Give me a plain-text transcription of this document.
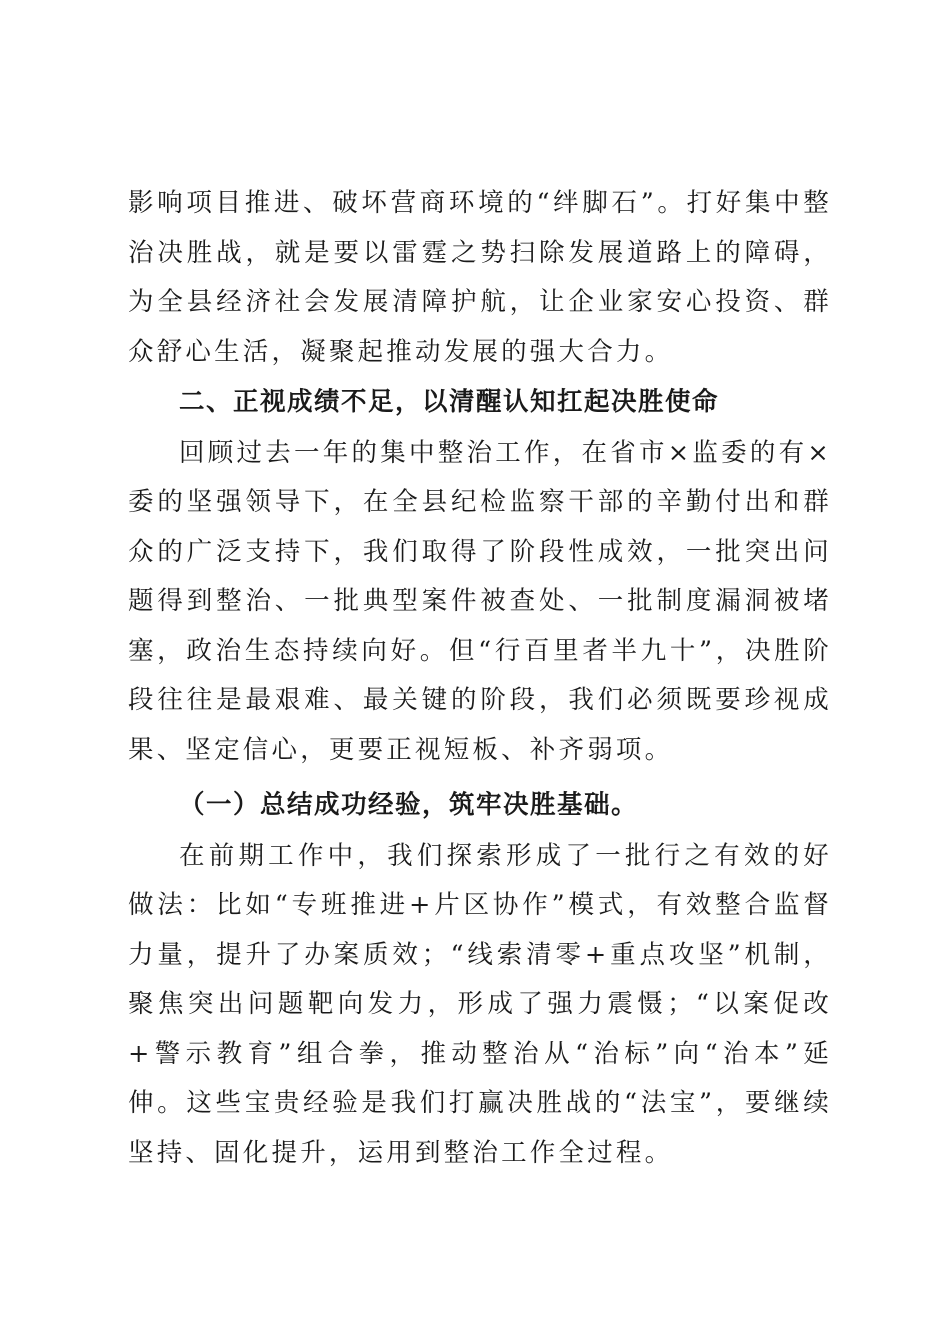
影响项目推进、破坏营商环境的“绊脚石”。打好集中整治决胜战，就是要以雷霆之势扫除发展道路上的障碍，为全县经济社会发展清障护航，让企业家安心投资、群众舒心生活，凝聚起推动发展的强大合力。

二、正视成绩不足，以清醒认知扛起决胜使命

回顾过去一年的集中整治工作，在省市×监委的有×委的坚强领导下，在全县纪检监察干部的辛勤付出和群众的广泛支持下，我们取得了阶段性成效，一批突出问题得到整治、一批典型案件被查处、一批制度漏洞被堵塞，政治生态持续向好。但“行百里者半九十”，决胜阶段往往是最艰难、最关键的阶段，我们必须既要珍视成果、坚定信心，更要正视短板、补齐弱项。

（一）总结成功经验，筑牢决胜基础。

在前期工作中，我们探索形成了一批行之有效的好做法：比如“专班推进+片区协作”模式，有效整合监督力量，提升了办案质效；“线索清零+重点攻坚”机制，聚焦突出问题靶向发力，形成了强力震慑；“以案促改+警示教育”组合拳，推动整治从“治标”向“治本”延伸。这些宝贵经验是我们打赢决胜战的“法宝”，要继续坚持、固化提升，运用到整治工作全过程。
